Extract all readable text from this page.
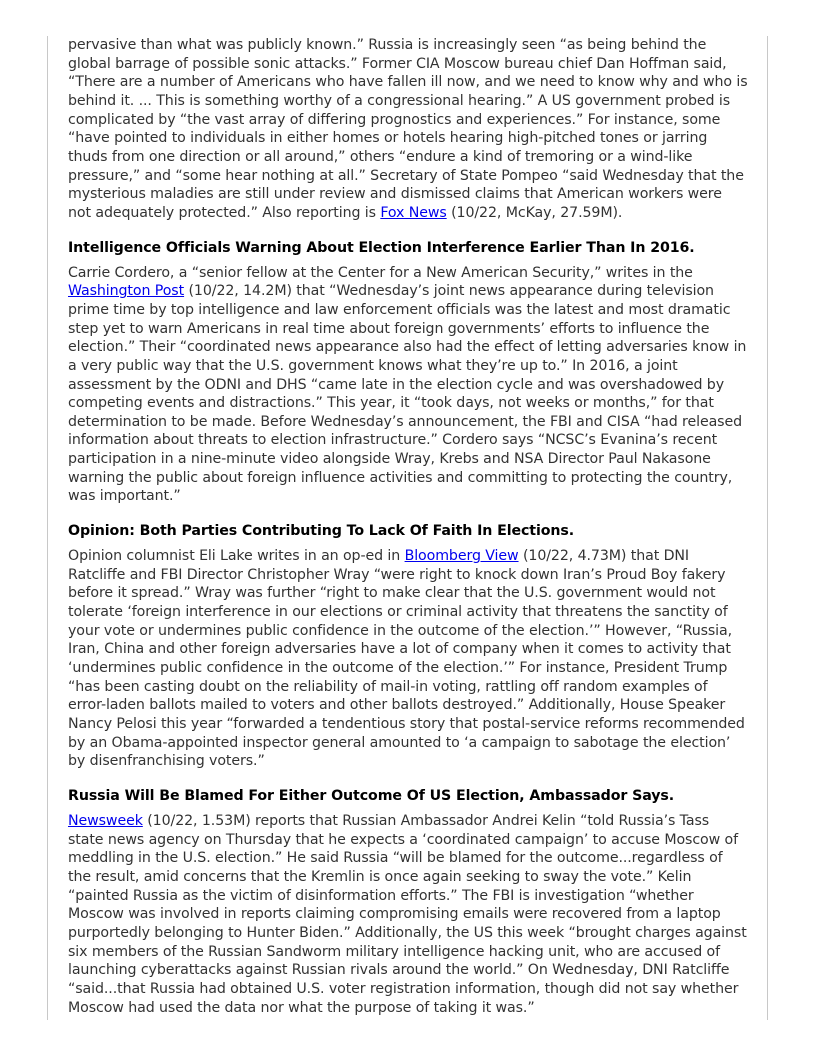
pervasive than what was publicly known.” Russia is increasingly seen “as being behind the global barrage of possible sonic attacks.” Former CIA Moscow bureau chief Dan Hoffman said, “There are a number of Americans who have fallen ill now, and we need to know why and who is behind it. ... This is something worthy of a congressional hearing.” A US government probed is complicated by “the vast array of differing prognostics and experiences.” For instance, some “have pointed to individuals in either homes or hotels hearing high-pitched tones or jarring thuds from one direction or all around,” others “endure a kind of tremoring or a wind-like pressure,” and “some hear nothing at all.” Secretary of State Pompeo “said Wednesday that the mysterious maladies are still under review and dismissed claims that American workers were not adequately protected.” Also reporting is Fox News (10/22, McKay, 27.59M).

Intelligence Officials Warning About Election Interference Earlier Than In 2016.

Carrie Cordero, a “senior fellow at the Center for a New American Security,” writes in the Washington Post (10/22, 14.2M) that “Wednesday’s joint news appearance during television prime time by top intelligence and law enforcement officials was the latest and most dramatic step yet to warn Americans in real time about foreign governments’ efforts to influence the election.” Their “coordinated news appearance also had the effect of letting adversaries know in a very public way that the U.S. government knows what they’re up to.” In 2016, a joint assessment by the ODNI and DHS “came late in the election cycle and was overshadowed by competing events and distractions.” This year, it “took days, not weeks or months,” for that determination to be made. Before Wednesday’s announcement, the FBI and CISA “had released information about threats to election infrastructure.” Cordero says “NCSC’s Evanina’s recent participation in a nine-minute video alongside Wray, Krebs and NSA Director Paul Nakasone warning the public about foreign influence activities and committing to protecting the country, was important.”

Opinion: Both Parties Contributing To Lack Of Faith In Elections.

Opinion columnist Eli Lake writes in an op-ed in Bloomberg View (10/22, 4.73M) that DNI Ratcliffe and FBI Director Christopher Wray “were right to knock down Iran’s Proud Boy fakery before it spread.” Wray was further “right to make clear that the U.S. government would not tolerate ‘foreign interference in our elections or criminal activity that threatens the sanctity of your vote or undermines public confidence in the outcome of the election.’” However, “Russia, Iran, China and other foreign adversaries have a lot of company when it comes to activity that ‘undermines public confidence in the outcome of the election.’” For instance, President Trump “has been casting doubt on the reliability of mail-in voting, rattling off random examples of error-laden ballots mailed to voters and other ballots destroyed.” Additionally, House Speaker Nancy Pelosi this year “forwarded a tendentious story that postal-service reforms recommended by an Obama-appointed inspector general amounted to ‘a campaign to sabotage the election’ by disenfranchising voters.”

Russia Will Be Blamed For Either Outcome Of US Election, Ambassador Says.

Newsweek (10/22, 1.53M) reports that Russian Ambassador Andrei Kelin “told Russia’s Tass state news agency on Thursday that he expects a ‘coordinated campaign’ to accuse Moscow of meddling in the U.S. election.” He said Russia “will be blamed for the outcome...regardless of the result, amid concerns that the Kremlin is once again seeking to sway the vote.” Kelin “painted Russia as the victim of disinformation efforts.” The FBI is investigation “whether Moscow was involved in reports claiming compromising emails were recovered from a laptop purportedly belonging to Hunter Biden.” Additionally, the US this week “brought charges against six members of the Russian Sandworm military intelligence hacking unit, who are accused of launching cyberattacks against Russian rivals around the world.” On Wednesday, DNI Ratcliffe “said...that Russia had obtained U.S. voter registration information, though did not say whether Moscow had used the data nor what the purpose of taking it was.”
